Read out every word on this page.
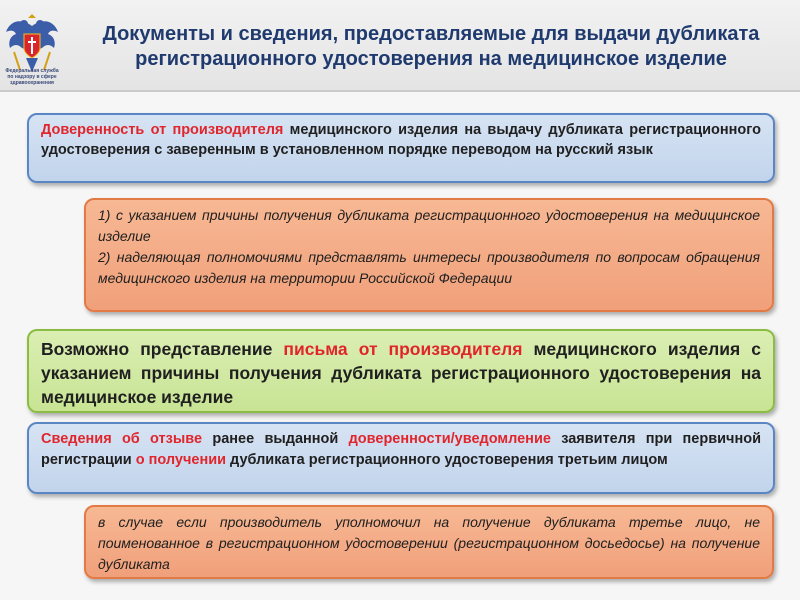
Федеральная служба по надзору в сфере здравоохранения
Документы и сведения, предоставляемые для выдачи дубликата регистрационного удостоверения на медицинское изделие
Доверенность от производителя медицинского изделия на выдачу дубликата регистрационного удостоверения с заверенным в установленном порядке переводом на русский язык
1) с указанием причины получения дубликата регистрационного удостоверения на медицинское изделие
2) наделяющая полномочиями представлять интересы производителя по вопросам обращения медицинского изделия на территории Российской Федерации
Возможно представление письма от производителя медицинского изделия с указанием причины получения дубликата регистрационного удостоверения на медицинское изделие
Сведения об отзыве ранее выданной доверенности/уведомление заявителя при первичной регистрации о получении дубликата регистрационного удостоверения третьим лицом
в случае если производитель уполномочил на получение дубликата третье лицо, не поименованное в регистрационном удостоверении (регистрационном досьедосье) на получение дубликата
